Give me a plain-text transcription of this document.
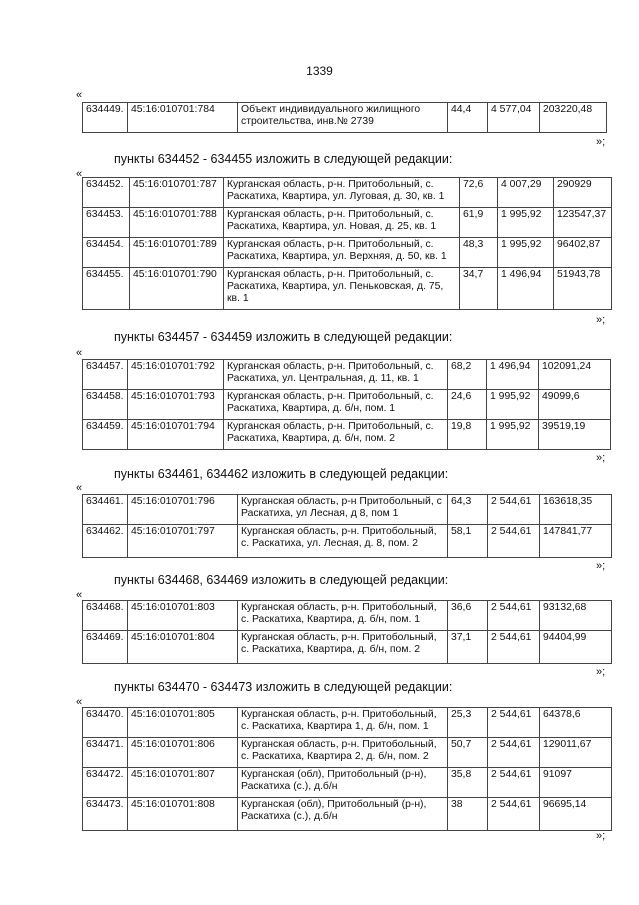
1339
«
634449.	45:16:010701:784	Объект индивидуального жилищного строительства, инв.№ 2739	44,4	4 577,04	203220,48
»;
пункты 634452 - 634455 изложить в следующей редакции:
«
634452.	45:16:010701:787	Курганская область, р-н. Притобольный, с. Раскатиха, Квартира, ул. Луговая, д. 30, кв. 1	72,6	4 007,29	290929
634453.	45:16:010701:788	Курганская область, р-н. Притобольный, с. Раскатиха, Квартира, ул. Новая, д. 25, кв. 1	61,9	1 995,92	123547,37
634454.	45:16:010701:789	Курганская область, р-н. Притобольный, с. Раскатиха, Квартира, ул. Верхняя, д. 50, кв. 1	48,3	1 995,92	96402,87
634455.	45:16:010701:790	Курганская область, р-н. Притобольный, с. Раскатиха, Квартира, ул. Пеньковская, д. 75, кв. 1	34,7	1 496,94	51943,78
»;
пункты 634457 - 634459 изложить в следующей редакции:
«
634457.	45:16:010701:792	Курганская область, р-н. Притобольный, с. Раскатиха, ул. Центральная, д. 11, кв. 1	68,2	1 496,94	102091,24
634458.	45:16:010701:793	Курганская область, р-н. Притобольный, с. Раскатиха, Квартира, д. б/н, пом. 1	24,6	1 995,92	49099,6
634459.	45:16:010701:794	Курганская область, р-н. Притобольный, с. Раскатиха, Квартира, д. б/н, пом. 2	19,8	1 995,92	39519,19
»;
пункты 634461, 634462 изложить в следующей редакции:
«
634461.	45:16:010701:796	Курганская область, р-н Притобольный, с Раскатиха, ул Лесная, д 8, пом 1	64,3	2 544,61	163618,35
634462.	45:16:010701:797	Курганская область, р-н. Притобольный, с. Раскатиха, ул. Лесная, д. 8, пом. 2	58,1	2 544,61	147841,77
»;
пункты 634468, 634469 изложить в следующей редакции:
«
634468.	45:16:010701:803	Курганская область, р-н. Притобольный, с. Раскатиха, Квартира, д. б/н, пом. 1	36,6	2 544,61	93132,68
634469.	45:16:010701:804	Курганская область, р-н. Притобольный, с. Раскатиха, Квартира, д. б/н, пом. 2	37,1	2 544,61	94404,99
»;
пункты 634470 - 634473 изложить в следующей редакции:
«
634470.	45:16:010701:805	Курганская область, р-н. Притобольный, с. Раскатиха, Квартира 1, д. б/н, пом. 1	25,3	2 544,61	64378,6
634471.	45:16:010701:806	Курганская область, р-н. Притобольный, с. Раскатиха, Квартира 2, д. б/н, пом. 2	50,7	2 544,61	129011,67
634472.	45:16:010701:807	Курганская (обл), Притобольный (р-н), Раскатиха (с.), д.б/н	35,8	2 544,61	91097
634473.	45:16:010701:808	Курганская (обл), Притобольный (р-н), Раскатиха (с.), д.б/н	38	2 544,61	96695,14
»;
